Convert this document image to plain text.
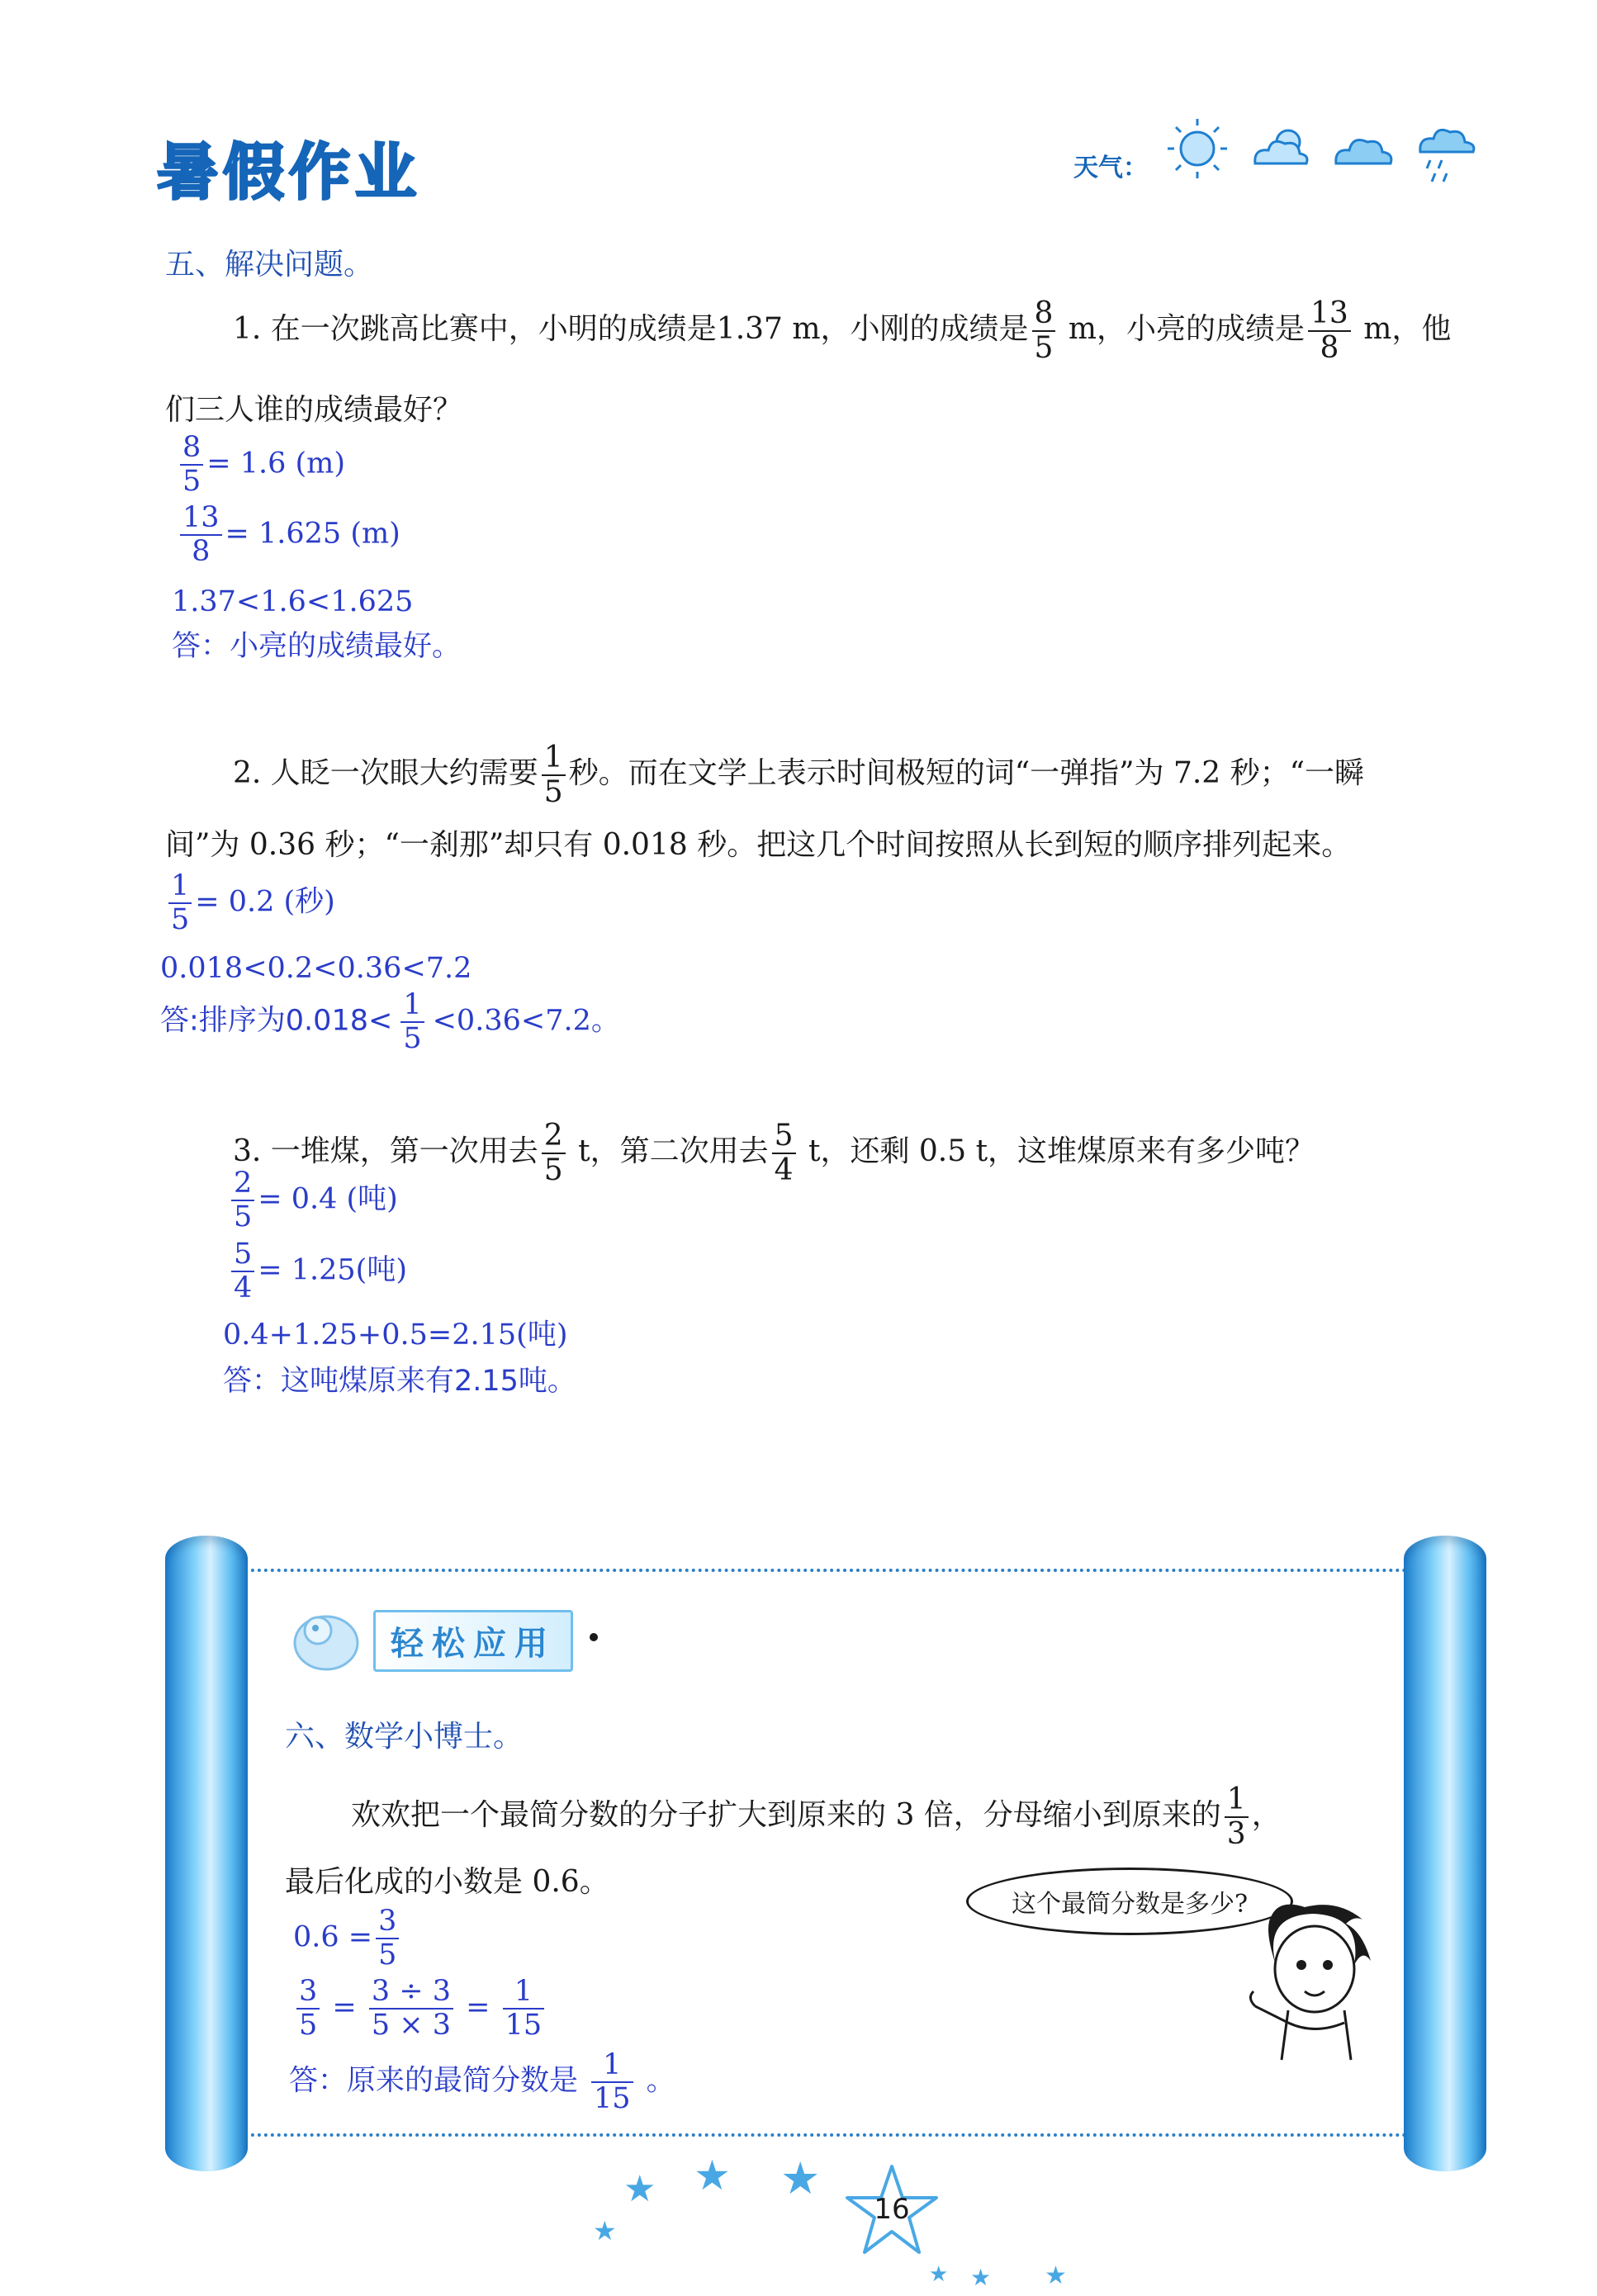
暑假作业	天气：
五、解决问题。
1. 在一次跳高比赛中，小明的成绩是1.37 m，小刚的成绩是 $\frac{8}{5}$ m，小亮的成绩是 $\frac{13}{8}$ m，他
们三人谁的成绩最好？
$\frac{8}{5} = 1.6$ (m)
$\frac{13}{8} = 1.625$ (m)
1.37<1.6<1.625
答：小亮的成绩最好。
2. 人眨一次眼大约需要 $\frac{1}{5}$ 秒。而在文学上表示时间极短的词“一弹指”为 7.2 秒；“一瞬
间”为 0.36 秒；“一刹那”却只有 0.018 秒。把这几个时间按照从长到短的顺序排列起来。
$\frac{1}{5} = 0.2$ (秒)
0.018<0.2<0.36<7.2
答:排序为$0.018< \frac{1}{5} <0.36<7.2$。
3. 一堆煤，第一次用去 $\frac{2}{5}$ t，第二次用去 $\frac{5}{4}$ t，还剩 0.5 t，这堆煤原来有多少吨？
$\frac{2}{5} = 0.4$ (吨)
$\frac{5}{4} = 1.25$(吨)
0.4+1.25+0.5=2.15(吨)
答：这吨煤原来有2.15吨。
轻松应用
六、数学小博士。
欢欢把一个最简分数的分子扩大到原来的 3 倍，分母缩小到原来的 $\frac{1}{3}$ ，
最后化成的小数是 0.6。
这个最简分数是多少?
$0.6 = \frac{3}{5}$
$\frac{3}{5} = \frac{3 \div 3}{5 \times 3} = \frac{1}{15}$
答：原来的最简分数是 $\frac{1}{15}$ 。
★ ★ ★
★
★ ★ ★
16
